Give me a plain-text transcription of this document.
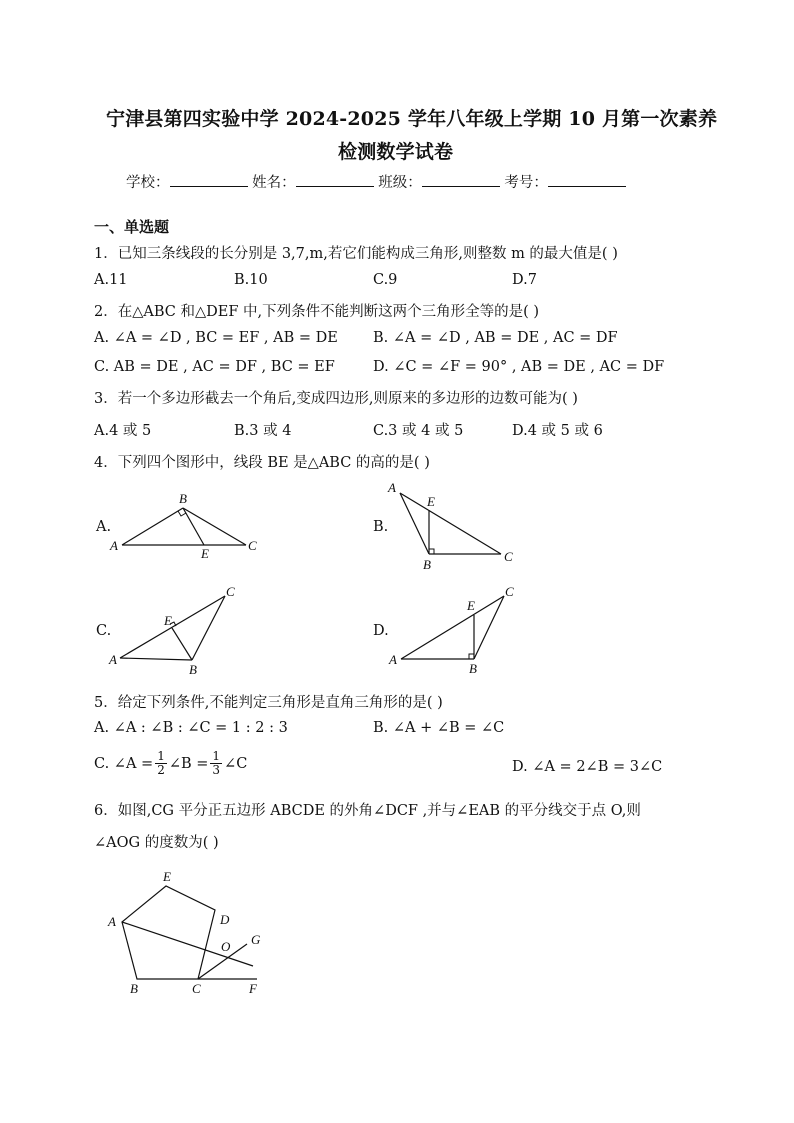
宁津县第四实验中学 2024-2025 学年八年级上学期 10 月第一次素养
检测数学试卷
学校：	姓名：	班级：	考号：
一、单选题
1．已知三条线段的长分别是 3,7,m,若它们能构成三角形,则整数 m 的最大值是( )
A.11	B.10	C.9	D.7
2．在△ABC 和△DEF 中,下列条件不能判断这两个三角形全等的是( )
A. ∠A = ∠D , BC = EF , AB = DE B. ∠A = ∠D , AB = DE , AC = DF
C. AB = DE , AC = DF , BC = EF	D. ∠C = ∠F = 90° , AB = DE , AC = DF
3．若一个多边形截去一个角后,变成四边形,则原来的多边形的边数可能为( )
A.4 或 5	B.3 或 4	C.3 或 4 或 5	D.4 或 5 或 6
4．下列四个图形中，线段 BE 是△ABC 的高的是( )
A.
B
A
E
C
B.
A
E
B
C
C.
C
E
A
B
D.
C
E
A
B
5．给定下列条件,不能判定三角形是直角三角形的是( )
A. ∠A : ∠B : ∠C = 1 : 2 : 3	B. ∠A + ∠B = ∠C
C. ∠A = $\frac{1}{2}$ ∠B = $\frac{1}{3}$ ∠C	D. ∠A = 2∠B = 3∠C
6．如图,CG 平分正五边形 ABCDE 的外角∠DCF ,并与∠EAB 的平分线交于点 O,则
∠AOG 的度数为( )
E
D
A
O G
B	C	F
